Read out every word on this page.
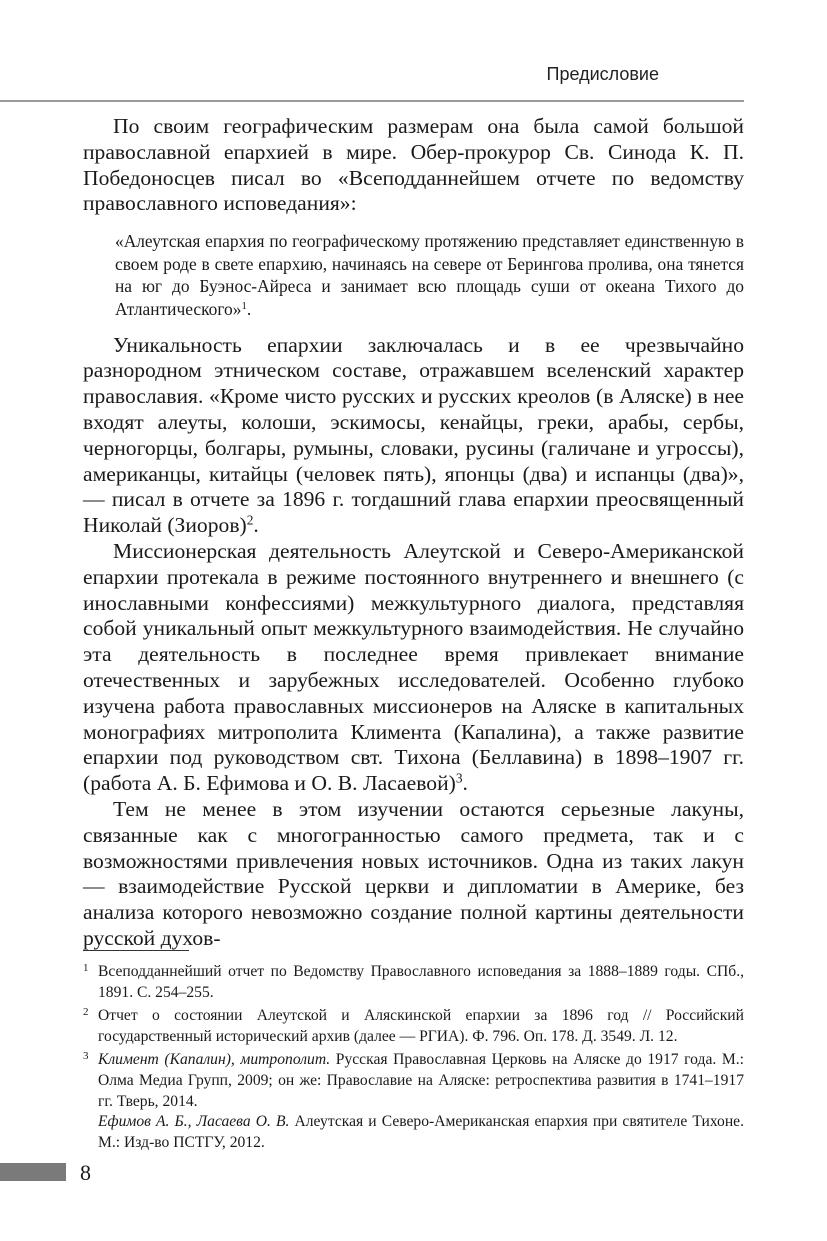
Предисловие

По своим географическим размерам она была самой большой православной епархией в мире. Обер-прокурор Св. Синода К. П. Победоносцев писал во «Всеподданнейшем отчете по ведомству православного исповедания»:

«Алеутская епархия по географическому протяжению представляет единственную в своем роде в свете епархию, начинаясь на севере от Берингова пролива, она тянется на юг до Буэнос-Айреса и занимает всю площадь суши от океана Тихого до Атлантического»$^1$.

Уникальность епархии заключалась и в ее чрезвычайно разнородном этническом составе, отражавшем вселенский характер православия. «Кроме чисто русских и русских креолов (в Аляске) в нее входят алеуты, колоши, эскимосы, кенайцы, греки, арабы, сербы, черногорцы, болгары, румыны, словаки, русины (галичане и угроссы), американцы, китайцы (человек пять), японцы (два) и испанцы (два)», — писал в отчете за 1896 г. тогдашний глава епархии преосвященный Николай (Зиоров)$^2$.

Миссионерская деятельность Алеутской и Северо-Американской епархии протекала в режиме постоянного внутреннего и внешнего (с инославными конфессиями) межкультурного диалога, представляя собой уникальный опыт межкультурного взаимодействия. Не случайно эта деятельность в последнее время привлекает внимание отечественных и зарубежных исследователей. Особенно глубоко изучена работа православных миссионеров на Аляске в капитальных монографиях митрополита Климента (Капалина), а также развитие епархии под руководством свт. Тихона (Беллавина) в 1898–1907 гг. (работа А. Б. Ефимова и О. В. Ласаевой)$^3$.

Тем не менее в этом изучении остаются серьезные лакуны, связанные как с многогранностью самого предмета, так и с возможностями привлечения новых источников. Одна из таких лакун — взаимодействие Русской церкви и дипломатии в Америке, без анализа которого невозможно создание полной картины деятельности русской духов-

1 Всеподданнейший отчет по Ведомству Православного исповедания за 1888–1889 годы. СПб., 1891. С. 254–255.
2 Отчет о состоянии Алеутской и Аляскинской епархии за 1896 год // Российский государственный исторический архив (далее — РГИА). Ф. 796. Оп. 178. Д. 3549. Л. 12.
3 Климент (Капалин), митрополит. Русская Православная Церковь на Аляске до 1917 года. М.: Олма Медиа Групп, 2009; он же: Православие на Аляске: ретроспектива развития в 1741–1917 гг. Тверь, 2014.
Ефимов А. Б., Ласаева О. В. Алеутская и Северо-Американская епархия при святителе Тихоне. М.: Изд-во ПСТГУ, 2012.
8
